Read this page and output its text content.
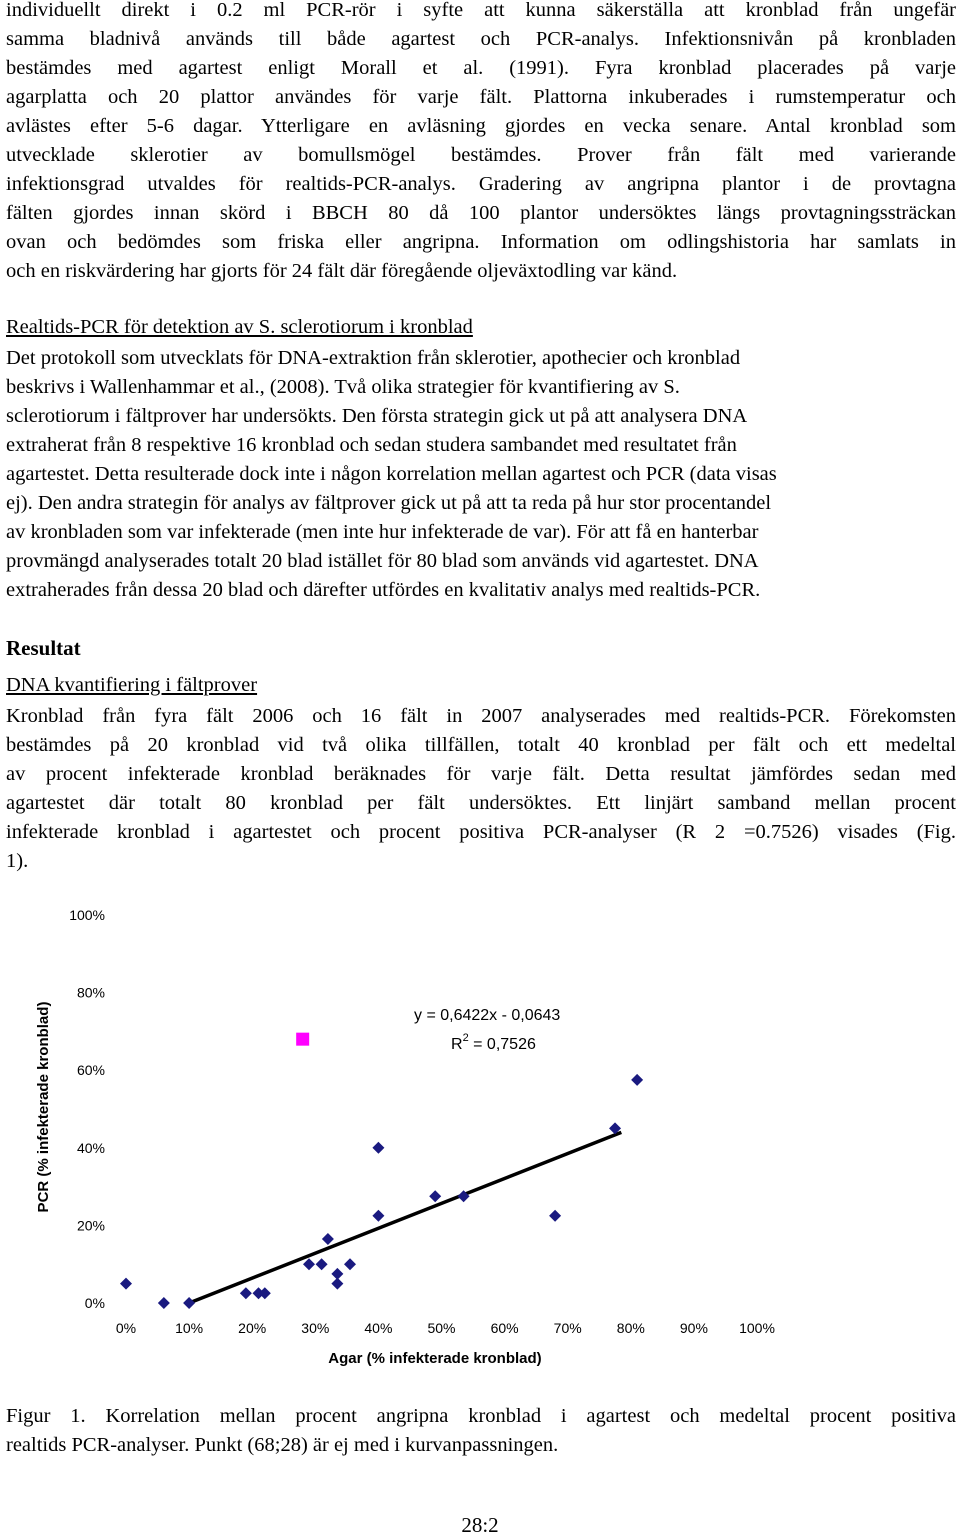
individuellt direkt i 0.2 ml PCR-rör i syfte att kunna säkerställa att kronblad från ungefär
samma bladnivå används till både agartest och PCR-analys. Infektionsnivån på kronbladen
bestämdes med agartest enligt Morall et al. (1991). Fyra kronblad placerades på varje
agarplatta och 20 plattor användes för varje fält. Plattorna inkuberades i rumstemperatur och
avlästes efter 5-6 dagar. Ytterligare en avläsning gjordes en vecka senare. Antal kronblad som
utvecklade sklerotier av bomullsmögel bestämdes. Prover från fält med varierande
infektionsgrad utvaldes för realtids-PCR-analys. Gradering av angripna plantor i de provtagna
fälten gjordes innan skörd i BBCH 80 då 100 plantor undersöktes längs provtagningssträckan
ovan och bedömdes som friska eller angripna. Information om odlingshistoria har samlats in
och en riskvärdering har gjorts för 24 fält där föregående oljeväxtodling var känd.
Realtids-PCR för detektion av S. sclerotiorum i kronblad
Det protokoll som utvecklats för DNA-extraktion från sklerotier, apothecier och kronblad
beskrivs i Wallenhammar et al., (2008). Två olika strategier för kvantifiering av S.
sclerotiorum i fältprover har undersökts. Den första strategin gick ut på att analysera DNA
extraherat från 8 respektive 16 kronblad och sedan studera sambandet med resultatet från
agartestet. Detta resulterade dock inte i någon korrelation mellan agartest och PCR (data visas
ej). Den andra strategin för analys av fältprover gick ut på att ta reda på hur stor procentandel
av kronbladen som var infekterade (men inte hur infekterade de var). För att få en hanterbar
provmängd analyserades totalt 20 blad istället för 80 blad som används vid agartestet. DNA
extraherades från dessa 20 blad och därefter utfördes en kvalitativ analys med realtids-PCR.
Resultat
DNA kvantifiering i fältprover
Kronblad från fyra fält 2006 och 16 fält in 2007 analyserades med realtids-PCR. Förekomsten
bestämdes på 20 kronblad vid två olika tillfällen, totalt 40 kronblad per fält och ett medeltal
av procent infekterade kronblad beräknades för varje fält. Detta resultat jämfördes sedan med
agartestet där totalt 80 kronblad per fält undersöktes. Ett linjärt samband mellan procent
infekterade kronblad i agartestet och procent positiva PCR-analyser (R 2 =0.7526) visades (Fig.
1).
0%
20%
40%
60%
80%
100%
0%	10%	20%	30%	40%	50%	60%	70%	80%	90% 100%
PCR (% infekterade kronblad)
Agar (% infekterade kronblad)
y = 0,6422x - 0,0643
$R^2 = 0,7526$
Figur 1. Korrelation mellan procent angripna kronblad i agartest och medeltal procent positiva
realtids PCR-analyser. Punkt (68;28) är ej med i kurvanpassningen.
28:2
